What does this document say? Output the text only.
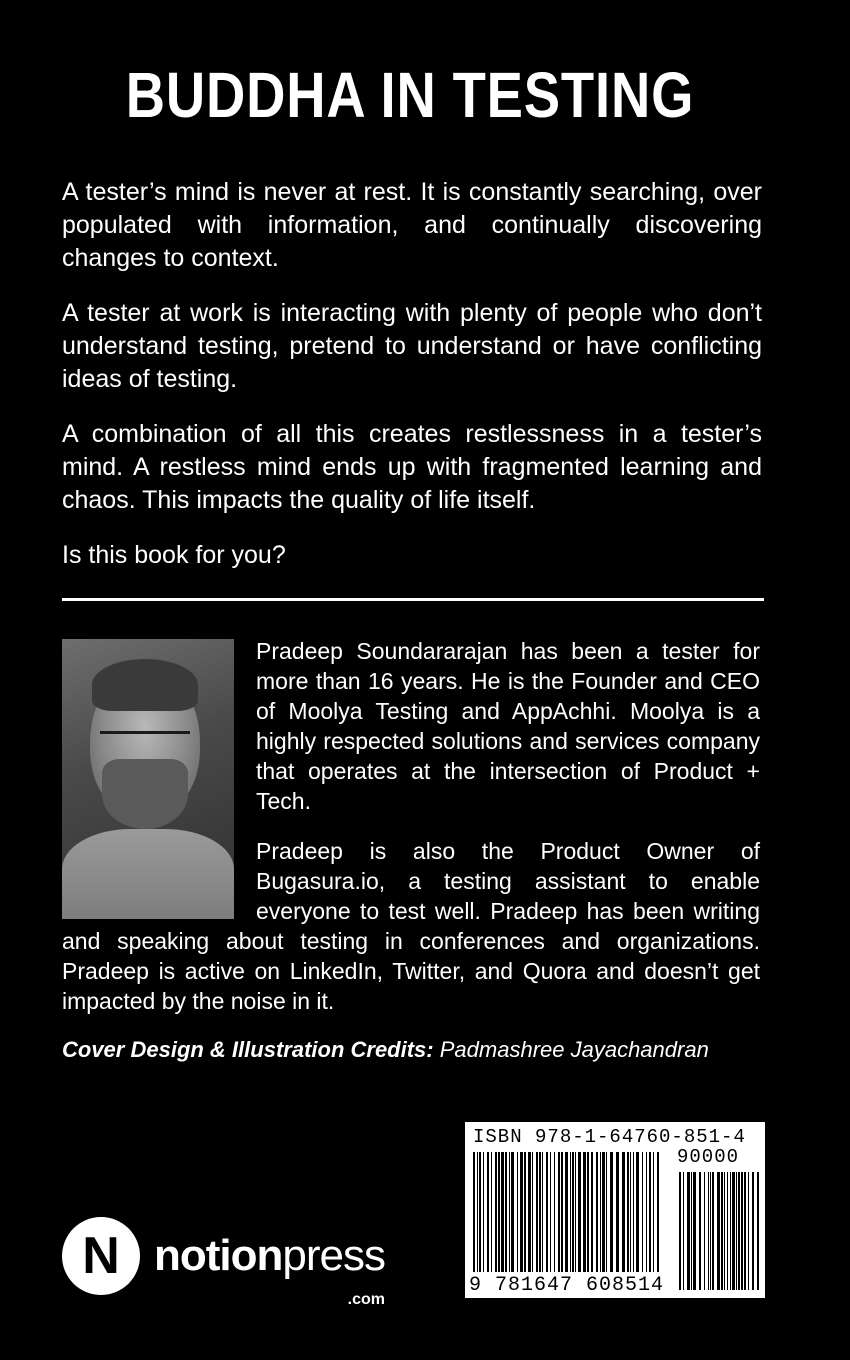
BUDDHA IN TESTING

A tester’s mind is never at rest. It is constantly searching, over populated with information, and continually discovering changes to context.

A tester at work is interacting with plenty of people who don’t understand testing, pretend to understand or have conflicting ideas of testing.

A combination of all this creates restlessness in a tester’s mind. A restless mind ends up with fragmented learning and chaos. This impacts the quality of life itself.

Is this book for you?

Pradeep Soundararajan has been a tester for more than 16 years. He is the Founder and CEO of Moolya Testing and AppAchhi. Moolya is a highly respected solutions and services company that operates at the intersection of Product + Tech.

Pradeep is also the Product Owner of Bugasura.io, a testing assistant to enable everyone to test well. Pradeep has been writing and speaking about testing in conferences and organizations. Pradeep is active on LinkedIn, Twitter, and Quora and doesn’t get impacted by the noise in it.

Cover Design & Illustration Credits: Padmashree Jayachandran
N notionpress
.com
ISBN 978-1-64760-851-4
90000
9 781647 608514
